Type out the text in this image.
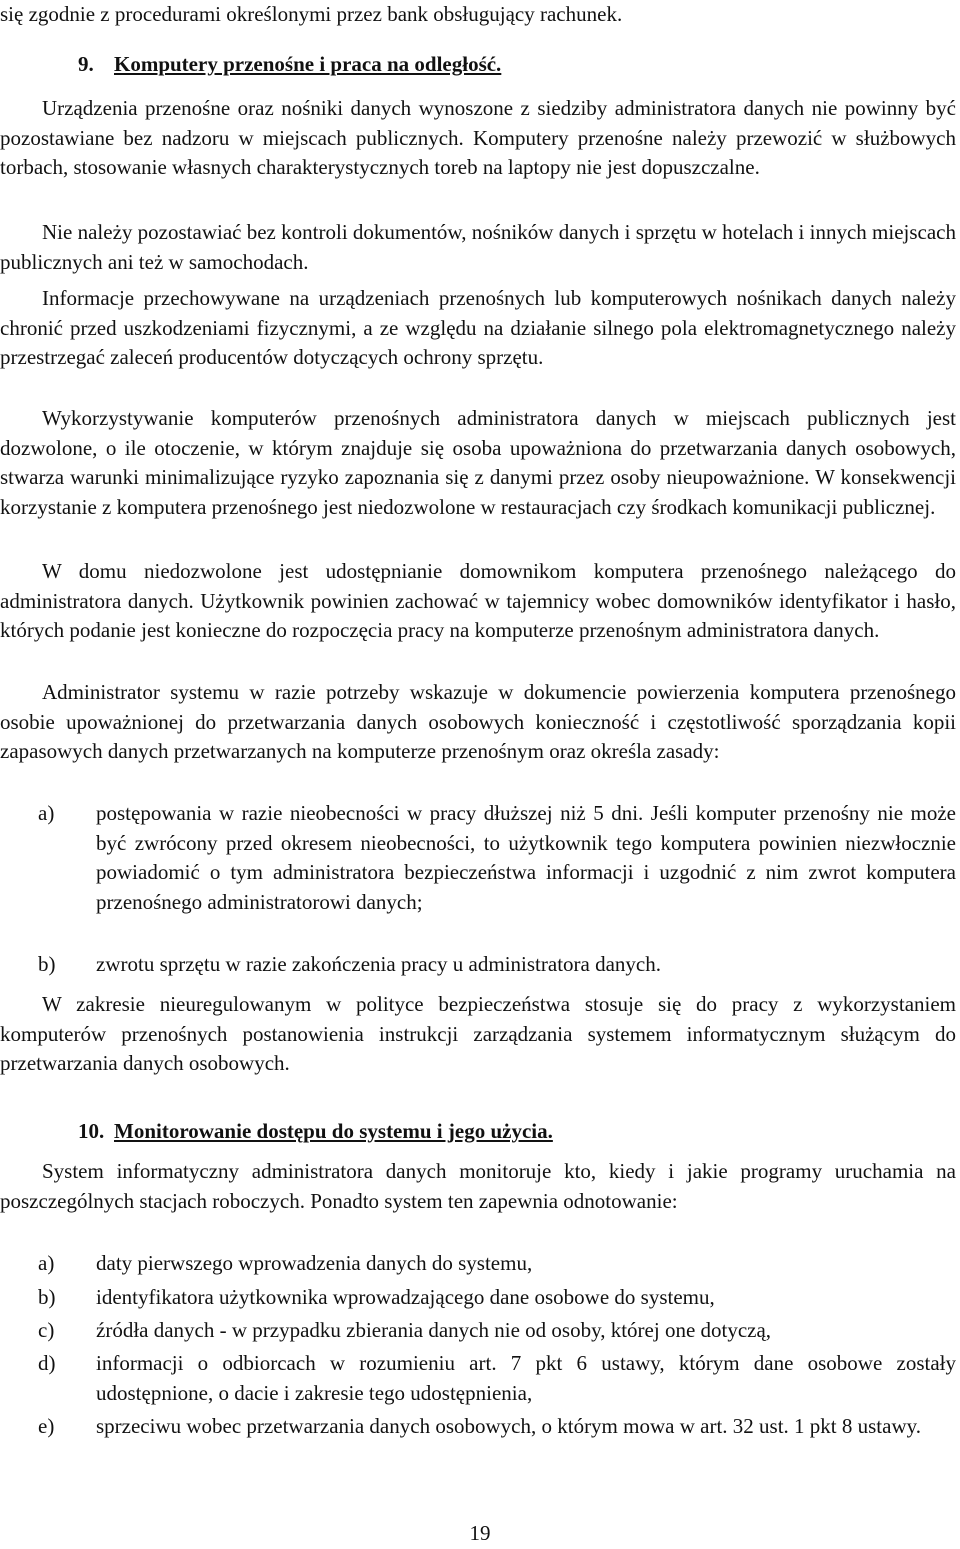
się zgodnie z procedurami określonymi przez bank obsługujący rachunek.

9. Komputery przenośne i praca na odległość.

Urządzenia przenośne oraz nośniki danych wynoszone z siedziby administratora danych nie powinny być pozostawiane bez nadzoru w miejscach publicznych. Komputery przenośne należy przewozić w służbowych torbach, stosowanie własnych charakterystycznych toreb na laptopy nie jest dopuszczalne.

Nie należy pozostawiać bez kontroli dokumentów, nośników danych i sprzętu w hotelach i innych miejscach publicznych ani też w samochodach.

Informacje przechowywane na urządzeniach przenośnych lub komputerowych nośnikach danych należy chronić przed uszkodzeniami fizycznymi, a ze względu na działanie silnego pola elektromagnetycznego należy przestrzegać zaleceń producentów dotyczących ochrony sprzętu.

Wykorzystywanie komputerów przenośnych administratora danych w miejscach publicznych jest dozwolone, o ile otoczenie, w którym znajduje się osoba upoważniona do przetwarzania danych osobowych, stwarza warunki minimalizujące ryzyko zapoznania się z danymi przez osoby nieupoważnione. W konsekwencji korzystanie z komputera przenośnego jest niedozwolone w restauracjach czy środkach komunikacji publicznej.

W domu niedozwolone jest udostępnianie domownikom komputera przenośnego należącego do administratora danych. Użytkownik powinien zachować w tajemnicy wobec domowników identyfikator i hasło, których podanie jest konieczne do rozpoczęcia pracy na komputerze przenośnym administratora danych.

Administrator systemu w razie potrzeby wskazuje w dokumencie powierzenia komputera przenośnego osobie upoważnionej do przetwarzania danych osobowych konieczność i częstotliwość sporządzania kopii zapasowych danych przetwarzanych na komputerze przenośnym oraz określa zasady:

a) postępowania w razie nieobecności w pracy dłuższej niż 5 dni. Jeśli komputer przenośny nie może być zwrócony przed okresem nieobecności, to użytkownik tego komputera powinien niezwłocznie powiadomić o tym administratora bezpieczeństwa informacji i uzgodnić z nim zwrot komputera przenośnego administratorowi danych;
b) zwrotu sprzętu w razie zakończenia pracy u administratora danych.

W zakresie nieuregulowanym w polityce bezpieczeństwa stosuje się do pracy z wykorzystaniem komputerów przenośnych postanowienia instrukcji zarządzania systemem informatycznym służącym do przetwarzania danych osobowych.

10. Monitorowanie dostępu do systemu i jego użycia.

System informatyczny administratora danych monitoruje kto, kiedy i jakie programy uruchamia na poszczególnych stacjach roboczych. Ponadto system ten zapewnia odnotowanie:

a) daty pierwszego wprowadzenia danych do systemu,
b) identyfikatora użytkownika wprowadzającego dane osobowe do systemu,
c) źródła danych - w przypadku zbierania danych nie od osoby, której one dotyczą,
d) informacji o odbiorcach w rozumieniu art. 7 pkt 6 ustawy, którym dane osobowe zostały udostępnione, o dacie i zakresie tego udostępnienia,
e) sprzeciwu wobec przetwarzania danych osobowych, o którym mowa w art. 32 ust. 1 pkt 8 ustawy.

19
